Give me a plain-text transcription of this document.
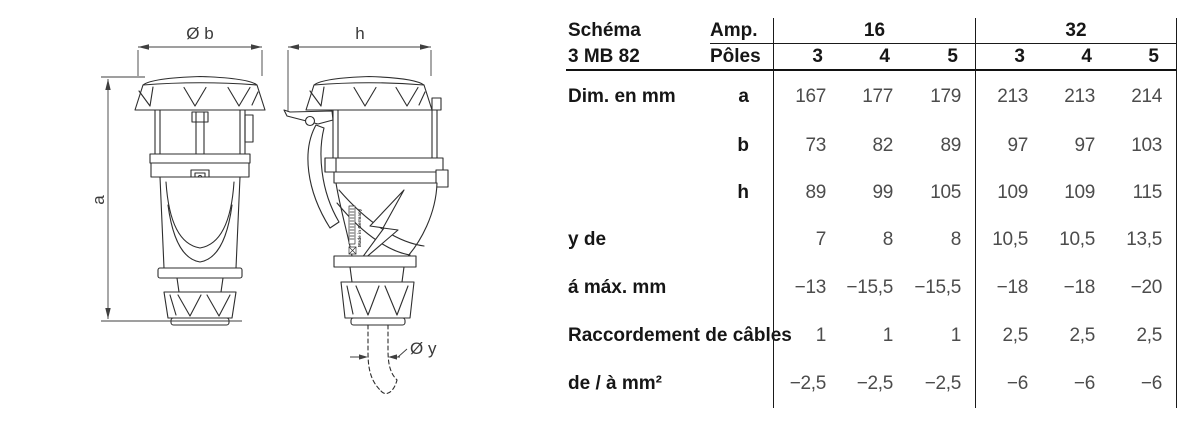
Ø b	h
a
Ø y
Made in Germany
Schéma	Amp.	16	32
3 MB 82	Pôles	3	4	5	3	4	5
Dim. en mm	a	167	177	179	213	213	214
b	73	82	89	97	97	103
h	89	99	105	109	109	115
y de	7	8	8	10,5	10,5	13,5
á máx. mm	−13	−15,5	−15,5	−18	−18	−20
Raccordement de câbles	1	1	1	2,5	2,5	2,5
de / à mm²	−2,5	−2,5	−2,5	−6	−6	−6
